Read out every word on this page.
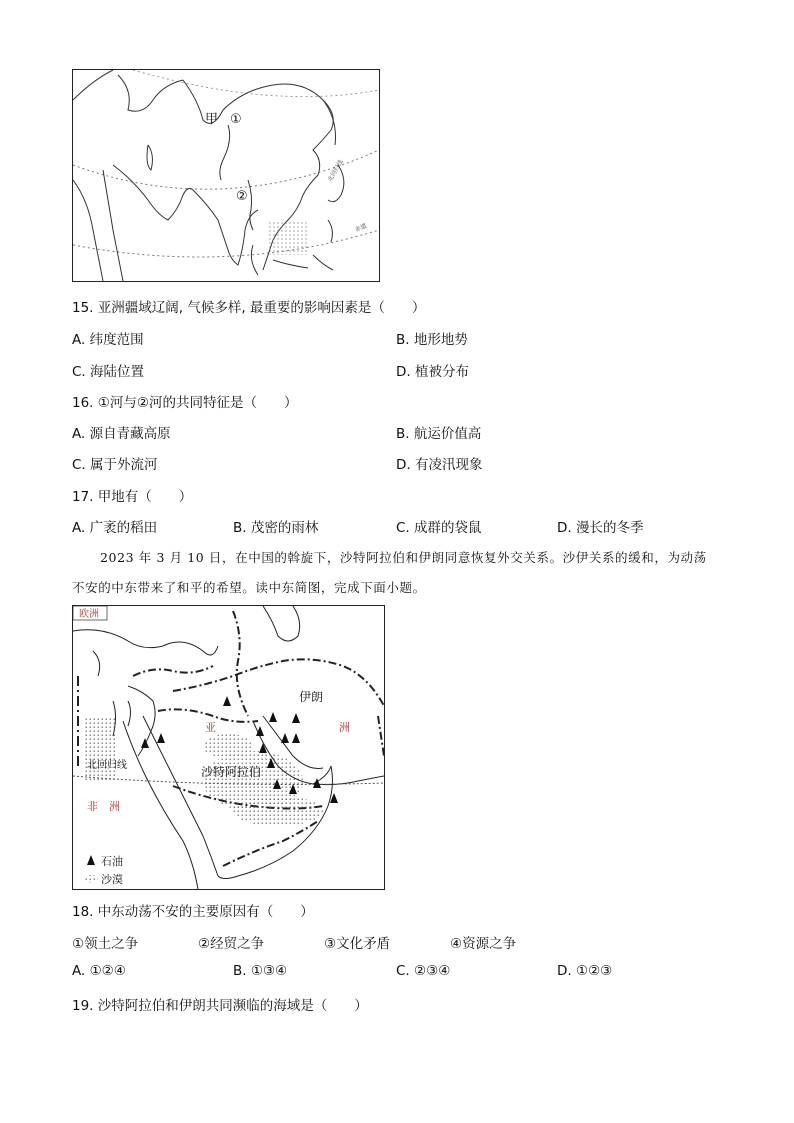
甲 ①
②
北回归线
赤道
15. 亚洲疆域辽阔, 气候多样, 最重要的影响因素是（　　）
A. 纬度范围	B. 地形地势
C. 海陆位置	D. 植被分布
16. ①河与②河的共同特征是（　　）
A. 源自青藏高原	B. 航运价值高
C. 属于外流河	D. 有凌汛现象
17. 甲地有（　　）
A. 广袤的稻田	B. 茂密的雨林	C. 成群的袋鼠	D. 漫长的冬季
2023 年 3 月 10 日，在中国的斡旋下，沙特阿拉伯和伊朗同意恢复外交关系。沙伊关系的缓和，为动荡
不安的中东带来了和平的希望。读中东简图，完成下面小题。
欧洲
伊朗
亚	洲
沙特阿拉伯
北回归线
非　洲
石油
沙漠
18. 中东动荡不安的主要原因有（　　）
①领土之争	②经贸之争	③文化矛盾	④资源之争
A. ①②④	B. ①③④	C. ②③④	D. ①②③
19. 沙特阿拉伯和伊朗共同濒临的海域是（　　）
